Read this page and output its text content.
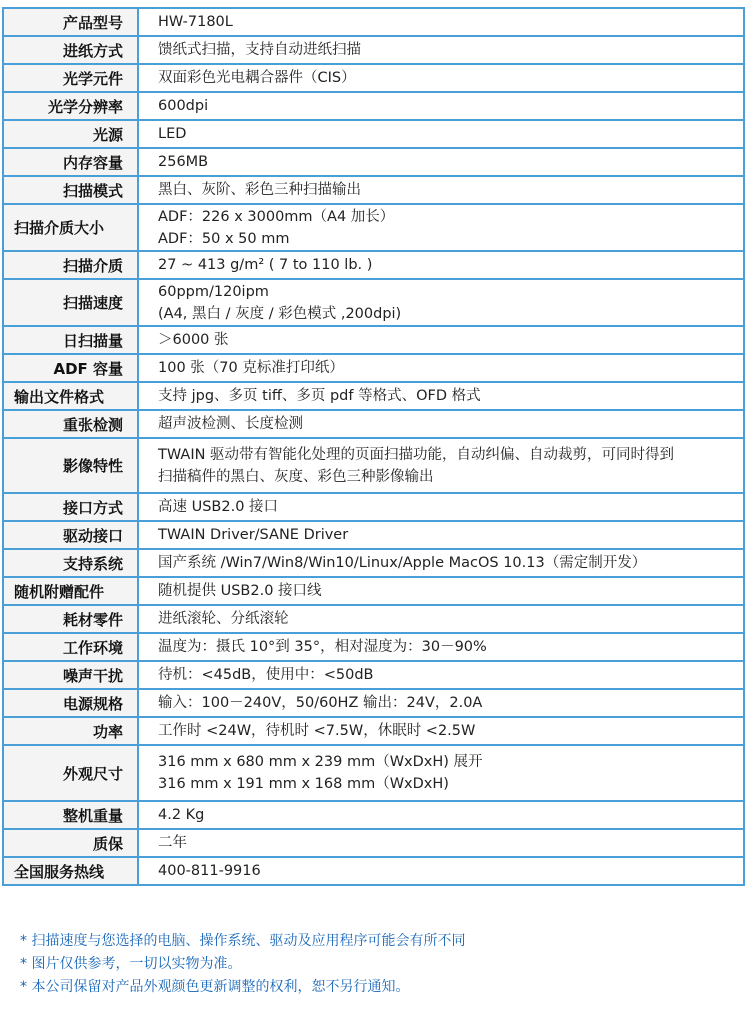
产品型号	HW-7180L

进纸方式	馈纸式扫描，支持自动进纸扫描

光学元件	双面彩色光电耦合器件（CIS）

光学分辨率	600dpi

光源	LED

内存容量	256MB

扫描模式	黑白、灰阶、彩色三种扫描输出

扫描介质大小	ADF：226 x 3000mm（A4 加长）
ADF：50 x 50 mm

扫描介质	27 ~ 413 g/m² ( 7 to 110 lb. )

扫描速度	60ppm/120ipm
(A4, 黑白 / 灰度 / 彩色模式 ,200dpi)

日扫描量	＞6000 张

ADF 容量	100 张（70 克标准打印纸）

输出文件格式	支持 jpg、多页 tiff、多页 pdf 等格式、OFD 格式

重张检测	超声波检测、长度检测

影像特性	TWAIN 驱动带有智能化处理的页面扫描功能，自动纠偏、自动裁剪，可同时得到
扫描稿件的黑白、灰度、彩色三种影像输出

接口方式	高速 USB2.0 接口

驱动接口	TWAIN Driver/SANE Driver

支持系统	国产系统 /Win7/Win8/Win10/Linux/Apple MacOS 10.13（需定制开发）

随机附赠配件	随机提供 USB2.0 接口线

耗材零件	进纸滚轮、分纸滚轮

工作环境	温度为：摄氏 10°到 35°，相对湿度为：30－90%

噪声干扰	待机：<45dB，使用中：<50dB

电源规格	输入：100－240V，50/60HZ 输出：24V，2.0A

功率	工作时 <24W，待机时 <7.5W，休眠时 <2.5W

外观尺寸	316 mm x 680 mm x 239 mm（WxDxH) 展开
316 mm x 191 mm x 168 mm（WxDxH)

整机重量	4.2 Kg

质保	二年

全国服务热线	400-811-9916
* 扫描速度与您选择的电脑、操作系统、驱动及应用程序可能会有所不同
* 图片仅供参考，一切以实物为准。
* 本公司保留对产品外观颜色更新调整的权利，恕不另行通知。
